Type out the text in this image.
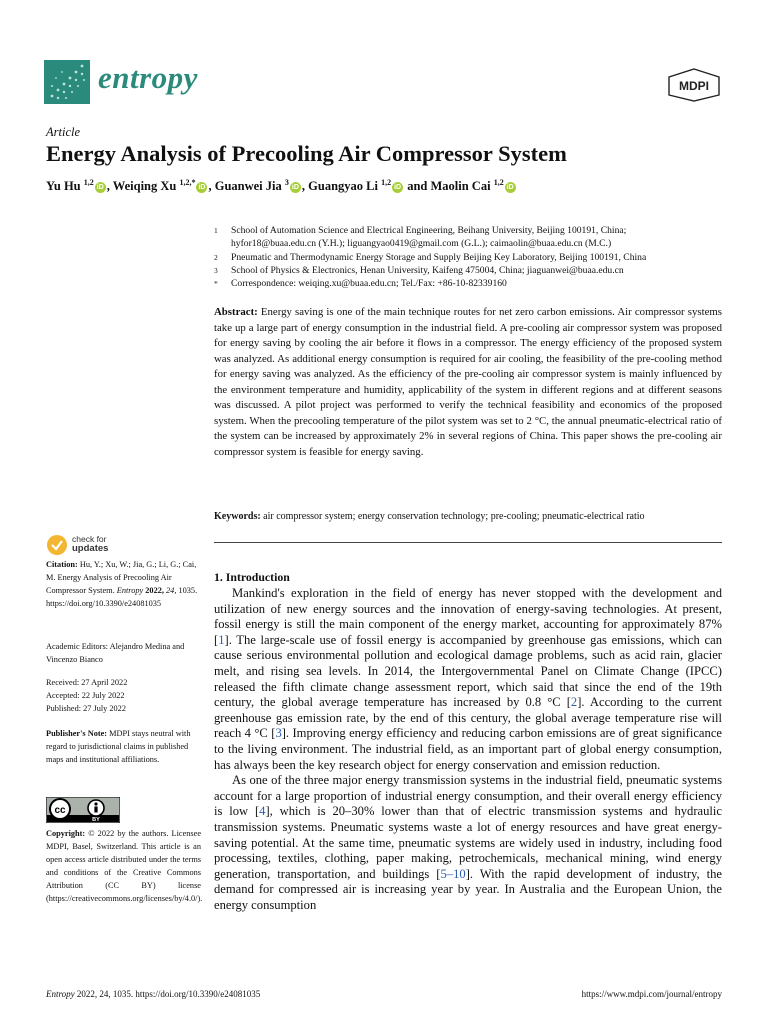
entropy	MDPI
Article
Energy Analysis of Precooling Air Compressor System
Yu Hu $^{1,2}$iD , Weiqing Xu $^{1,2,*}$iD , Guanwei Jia $^3$iD , Guangyao Li $^{1,2}$iD and Maolin Cai $^{1,2}$iD
1 School of Automation Science and Electrical Engineering, Beihang University, Beijing 100191, China;
hyfor18@buaa.edu.cn (Y.H.); liguangyao0419@gmail.com (G.L.); caimaolin@buaa.edu.cn (M.C.)
2 Pneumatic and Thermodynamic Energy Storage and Supply Beijing Key Laboratory, Beijing 100191, China
3 School of Physics & Electronics, Henan University, Kaifeng 475004, China; jiaguanwei@buaa.edu.cn
* Correspondence: weiqing.xu@buaa.edu.cn; Tel./Fax: +86-10-82339160
Abstract: Energy saving is one of the main technique routes for net zero carbon emissions. Air compressor systems take up a large part of energy consumption in the industrial field. A pre-cooling air compressor system was proposed for energy saving by cooling the air before it flows in a compressor. The energy efficiency of the proposed system was analyzed. As additional energy consumption is required for air cooling, the feasibility of the pre-cooling method for energy saving was analyzed. As the efficiency of the pre-cooling air compressor system is mainly influenced by the environment temperature and humidity, applicability of the system in different regions and at different seasons was discussed. A pilot project was performed to verify the technical feasibility and economics of the proposed system. When the precooling temperature of the pilot system was set to 2 °C, the annual pneumatic-electrical ratio of the system can be increased by approximately 2% in several regions of China. This paper shows the pre-cooling air compressor system is feasible for energy saving.
Keywords: air compressor system; energy conservation technology; pre-cooling; pneumatic-electrical ratio
check for
updates
Citation: Hu, Y.; Xu, W.; Jia, G.; Li, G.; Cai, M. Energy Analysis of Precooling Air Compressor System. Entropy 2022, 24, 1035. https://doi.org/10.3390/e24081035
Academic Editors: Alejandro Medina and Vincenzo Bianco
Received: 27 April 2022
Accepted: 22 July 2022
Published: 27 July 2022
Publisher's Note: MDPI stays neutral with regard to jurisdictional claims in published maps and institutional affiliations.
cc
BY
Copyright: © 2022 by the authors. Licensee MDPI, Basel, Switzerland. This article is an open access article distributed under the terms and conditions of the Creative Commons Attribution (CC BY) license (https://creativecommons.org/licenses/by/4.0/).
1. Introduction

Mankind's exploration in the field of energy has never stopped with the development and utilization of new energy sources and the innovation of energy-saving technologies. At present, fossil energy is still the main component of the energy market, accounting for approximately 87% [1]. The large-scale use of fossil energy is accompanied by greenhouse gas emissions, which can cause serious environmental pollution and ecological damage problems, such as acid rain, glacier melt, and rising sea levels. In 2014, the Intergovernmental Panel on Climate Change (IPCC) released the fifth climate change assessment report, which said that since the end of the 19th century, the global average temperature has increased by 0.8 °C [2]. According to the current greenhouse gas emission rate, by the end of this century, the global average temperature rise will reach 4 °C [3]. Improving energy efficiency and reducing carbon emissions are of great significance to the living environment. The industrial field, as an important part of global energy consumption, has always been the key research object for energy conservation and emission reduction.

As one of the three major energy transmission systems in the industrial field, pneumatic systems account for a large proportion of industrial energy consumption, and their overall energy efficiency is low [4], which is 20–30% lower than that of electric transmission systems and hydraulic transmission systems. Pneumatic systems waste a lot of energy resources and have great energy-saving potential. At the same time, pneumatic systems are widely used in industry, including food processing, textiles, clothing, paper making, petrochemicals, mechanical mining, wind energy generation, transportation, and buildings [5–10]. With the rapid development of industry, the demand for compressed air is increasing year by year. In Australia and the European Union, the energy consumption

Entropy 2022, 24, 1035. https://doi.org/10.3390/e24081035	https://www.mdpi.com/journal/entropy
